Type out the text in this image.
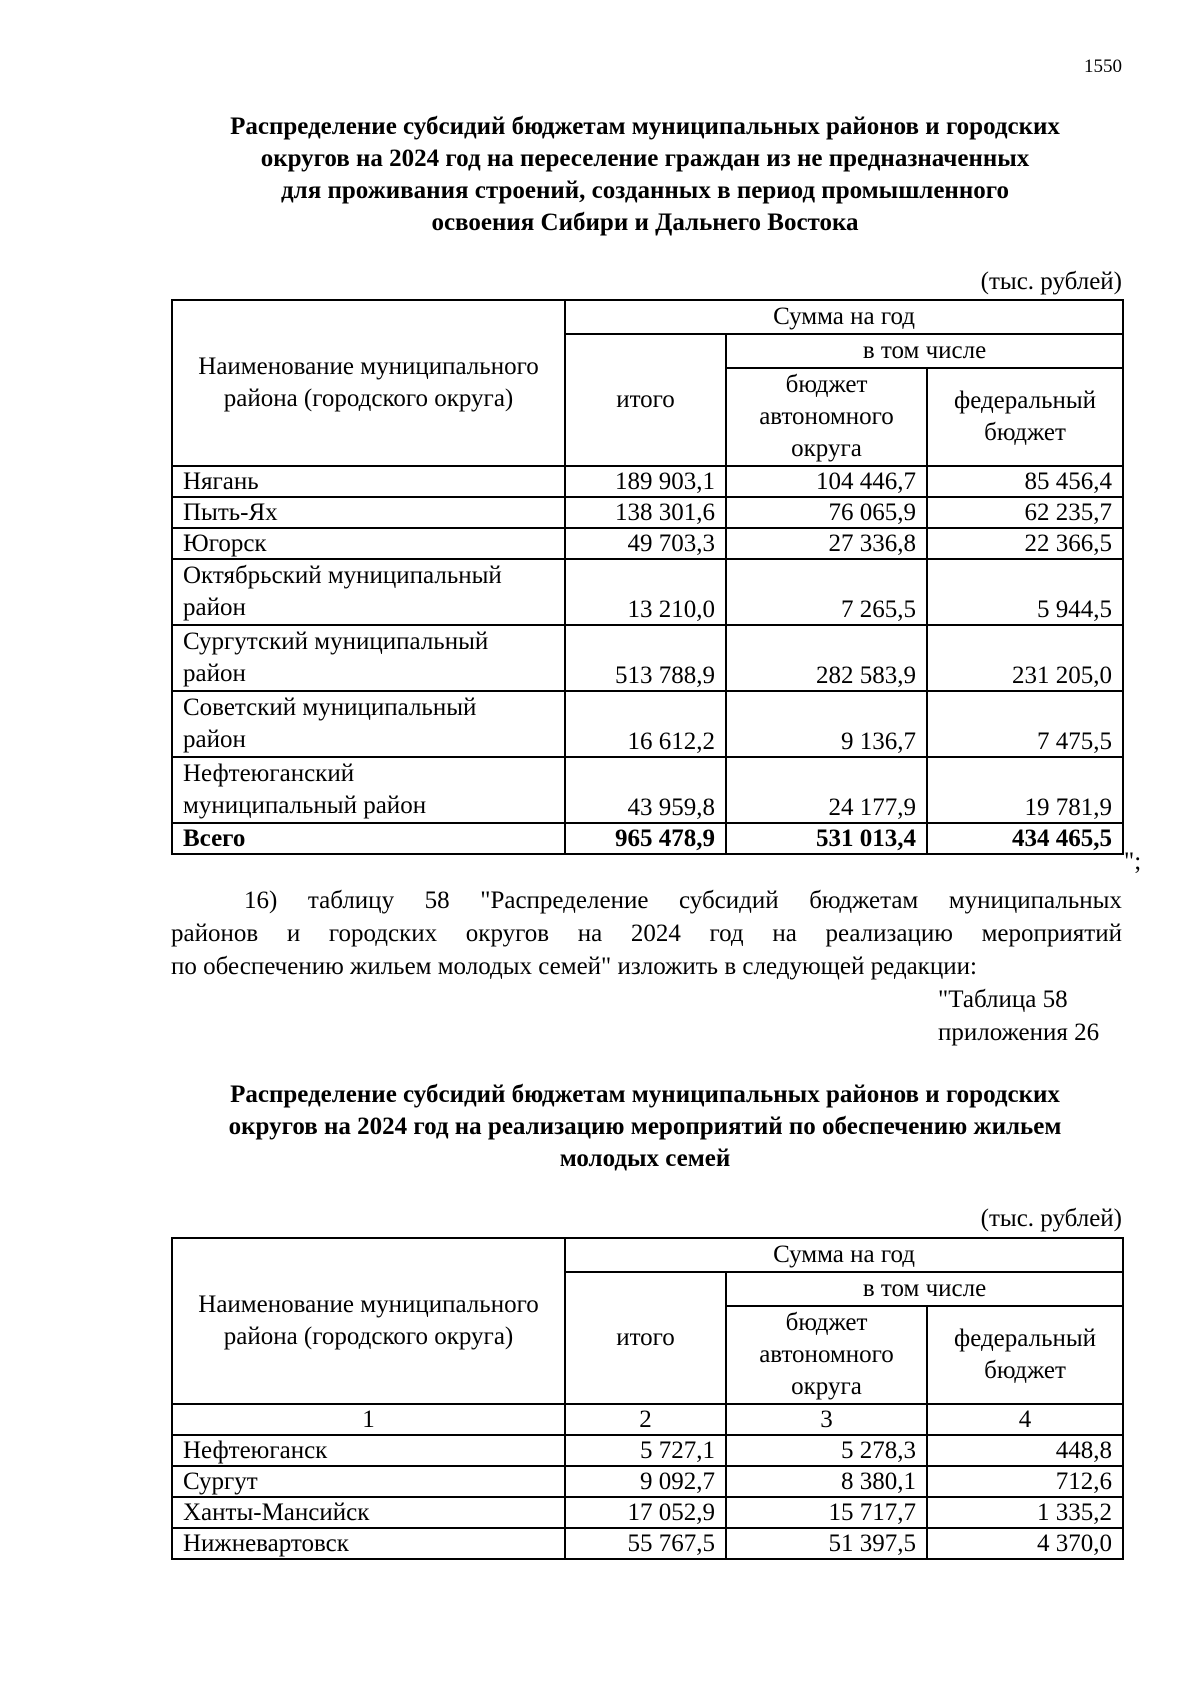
1550
Распределение субсидий бюджетам муниципальных районов и городских
округов на 2024 год на переселение граждан из не предназначенных
для проживания строений, созданных в период промышленного
освоения Сибири и Дальнего Востока
(тыс. рублей)
Наименование муниципального района (городского округа)	Сумма на год		
	итого	в том числе	
		бюджет автономного округа	федеральный бюджет
Нягань	189 903,1	104 446,7	85 456,4
Пыть-Ях	138 301,6	76 065,9	62 235,7
Югорск	49 703,3	27 336,8	22 366,5

Октябрьский муниципальный
район	13 210,0	7 265,5	5 944,5

Сургутский муниципальный
район	513 788,9	282 583,9	231 205,0

Советский муниципальный
район	16 612,2	9 136,7	7 475,5

Нефтеюганский
муниципальный район	43 959,8	24 177,9	19 781,9
Всего	965 478,9	531 013,4	434 465,5
";
16) таблицу 58 "Распределение субсидий бюджетам муниципальных
районов и городских округов на 2024 год на реализацию мероприятий
по обеспечению жильем молодых семей" изложить в следующей редакции:
"Таблица 58
приложения 26
Распределение субсидий бюджетам муниципальных районов и городских
округов на 2024 год на реализацию мероприятий по обеспечению жильем
молодых семей
(тыс. рублей)
Наименование муниципального района (городского округа)	Сумма на год		
	итого	в том числе	
		бюджет автономного округа	федеральный бюджет
1	2	3	4
Нефтеюганск	5 727,1	5 278,3	448,8
Сургут	9 092,7	8 380,1	712,6
Ханты-Мансийск	17 052,9	15 717,7	1 335,2
Нижневартовск	55 767,5	51 397,5	4 370,0
